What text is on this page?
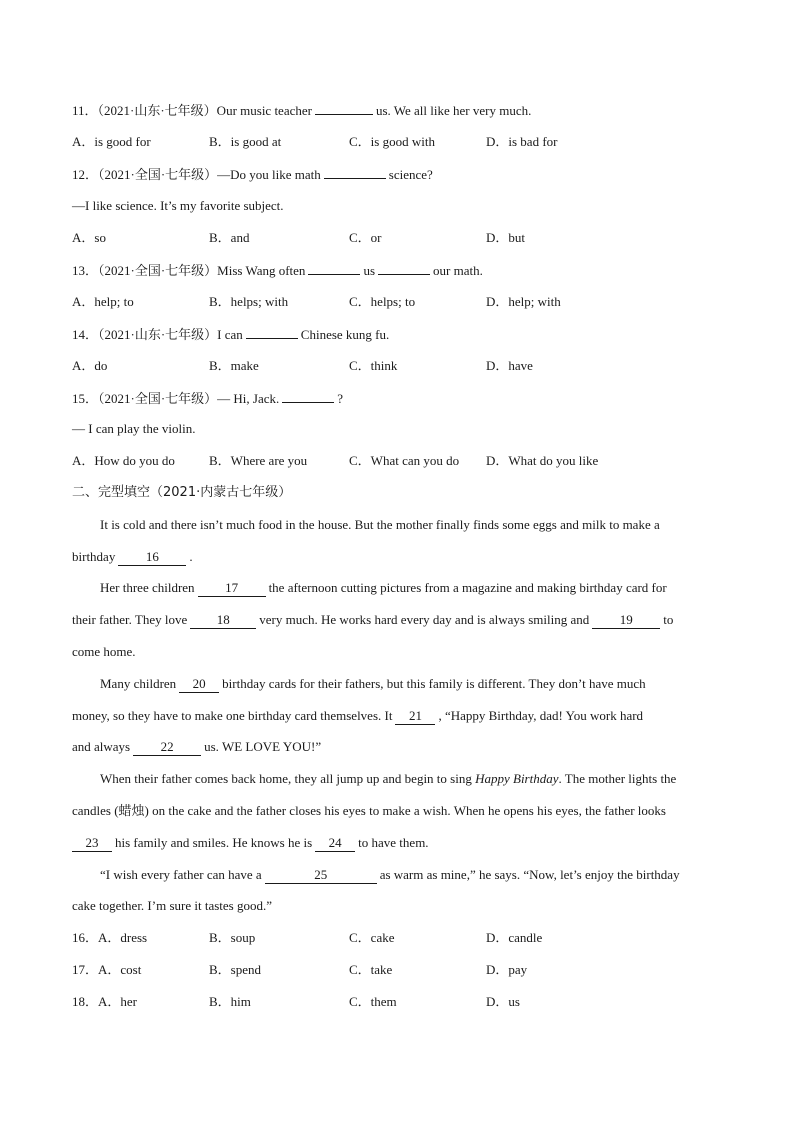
11．（2021·山东·七年级）Our music teacher	us. We all like her very much.
A．is good for	B．is good at	C．is good with	D．is bad for
12．（2021·全国·七年级）—Do you like math	science?
—I like science. It’s my favorite subject.
A．so	B．and	C．or	D．but
13．（2021·全国·七年级）Miss Wang often	us	our math.
A．help; to	B．helps; with	C．helps; to	D．help; with
14．（2021·山东·七年级）I can	Chinese kung fu.
A．do	B．make	C．think	D．have
15．（2021·全国·七年级）— Hi, Jack.	?
— I can play the violin.
A．How do you do	B．Where are you	C．What can you do D．What do you like
二、完型填空（2021·内蒙古七年级）
It is cold and there isn’t much food in the house. But the mother finally finds some eggs and milk to make a
birthday 16 .
Her three children 17 the afternoon cutting pictures from a magazine and making birthday card for
their father. They love 18 very much. He works hard every day and is always smiling and 19 to
come home.
Many children 20 birthday cards for their fathers, but this family is different. They don’t have much
money, so they have to make one birthday card themselves. It 21 , “Happy Birthday, dad! You work hard
and always 22 us. WE LOVE YOU!”
When their father comes back home, they all jump up and begin to sing Happy Birthday. The mother lights the
candles (蜡烛) on the cake and the father closes his eyes to make a wish. When he opens his eyes, the father looks
23 his family and smiles. He knows he is 24 to have them.
“I wish every father can have a	25	as warm as mine,” he says. “Now, let’s enjoy the birthday
cake together. I’m sure it tastes good.”
16．A．dress	B．soup	C．cake	D．candle
17．A．cost	B．spend	C．take	D．pay
18．A．her	B．him	C．them	D．us
